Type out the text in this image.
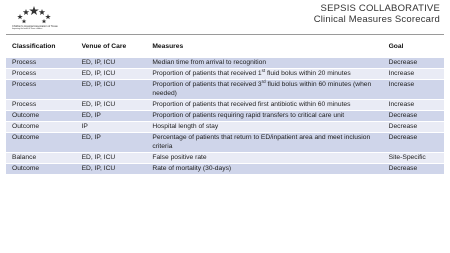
Children's Hospital Association of Texas
Improving the health of Texas children
SEPSIS COLLABORATIVE
Clinical Measures Scorecard
Classification	Venue of Care	Measures	Goal
Process	ED, IP, ICU	Median time from arrival to recognition	Decrease
Process	ED, IP, ICU	Proportion of patients that received 1st fluid bolus within 20 minutes	Increase
Process	ED, IP, ICU	Proportion of patients that received 3rd fluid bolus within 60 minutes (when needed)	Increase
Process	ED, IP, ICU	Proportion of patients that received first antibiotic within 60 minutes	Increase
Outcome	ED, IP	Proportion of patients requiring rapid transfers to critical care unit	Decrease
Outcome	IP	Hospital length of stay	Decrease
Outcome	ED, IP	Percentage of patients that return to ED/inpatient area and meet inclusion criteria	Decrease
Balance	ED, IP, ICU	False positive rate	Site-Specific
Outcome	ED, IP, ICU	Rate of mortality (30-days)	Decrease
